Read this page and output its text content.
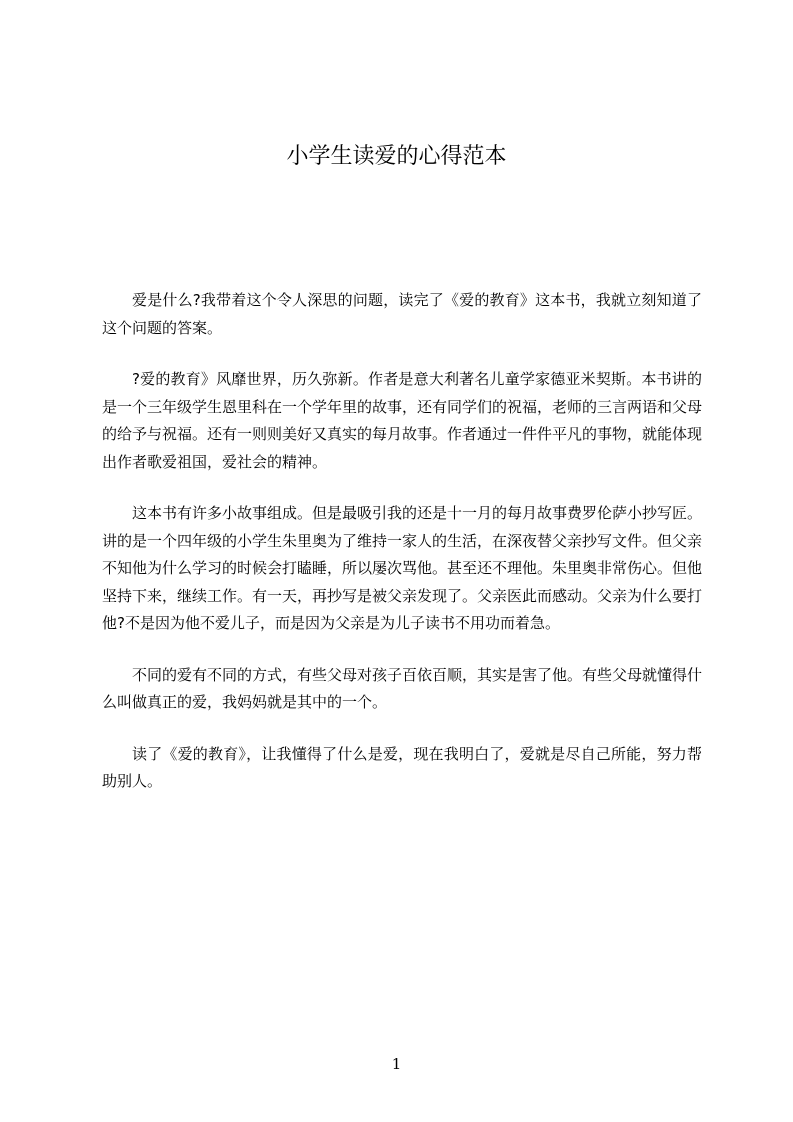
小学生读爱的心得范本

爱是什么?我带着这个令人深思的问题，读完了《爱的教育》这本书，我就立刻知道了这个问题的答案。

?爱的教育》风靡世界，历久弥新。作者是意大利著名儿童学家德亚米契斯。本书讲的是一个三年级学生恩里科在一个学年里的故事，还有同学们的祝福，老师的三言两语和父母的给予与祝福。还有一则则美好又真实的每月故事。作者通过一件件平凡的事物，就能体现出作者歌爱祖国，爱社会的精神。

这本书有许多小故事组成。但是最吸引我的还是十一月的每月故事费罗伦萨小抄写匠。讲的是一个四年级的小学生朱里奥为了维持一家人的生活，在深夜替父亲抄写文件。但父亲不知他为什么学习的时候会打瞌睡，所以屡次骂他。甚至还不理他。朱里奥非常伤心。但他坚持下来，继续工作。有一天，再抄写是被父亲发现了。父亲医此而感动。父亲为什么要打他?不是因为他不爱儿子，而是因为父亲是为儿子读书不用功而着急。

不同的爱有不同的方式，有些父母对孩子百依百顺，其实是害了他。有些父母就懂得什么叫做真正的爱，我妈妈就是其中的一个。

读了《爱的教育》，让我懂得了什么是爱，现在我明白了，爱就是尽自己所能，努力帮助别人。

1
